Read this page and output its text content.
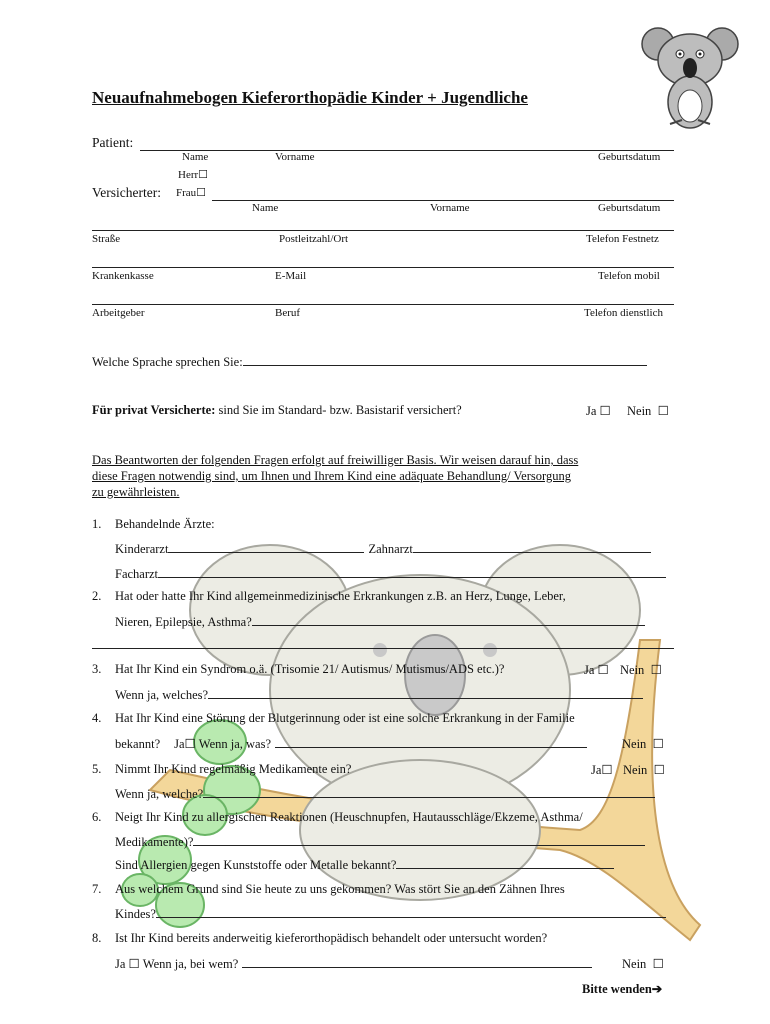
Neuaufnahmebogen Kieferorthopädie Kinder + Jugendliche
Patient:
Name	Vorname	Geburtsdatum
Herr☐
Versicherter: Frau☐
Name	Vorname	Geburtsdatum
Straße	Postleitzahl/Ort	Telefon Festnetz
Krankenkasse	E-Mail	Telefon mobil
Arbeitgeber	Beruf	Telefon dienstlich
Welche Sprache sprechen Sie:
Für privat Versicherte:
sind Sie im Standard- bzw. Basistarif versichert?	Ja ☐ Nein ☐
Das Beantworten der folgenden Fragen erfolgt auf freiwilliger Basis. Wir weisen darauf hin, dass
diese Fragen notwendig sind, um Ihnen und Ihrem Kind eine adäquate Behandlung/ Versorgung
zu gewährleisten.
1. Behandelnde Ärzte:
Kinderarzt	Zahnarzt
Facharzt
2. Hat oder hatte Ihr Kind allgemeinmedizinische Erkrankungen z.B. an Herz, Lunge, Leber,
Nieren, Epilepsie, Asthma?
3. Hat Ihr Kind ein Syndrom o.ä. (Trisomie 21/ Autismus/ Mutismus/ADS etc.)?	Ja ☐ Nein ☐
Wenn ja, welches?
4. Hat Ihr Kind eine Störung der Blutgerinnung oder ist eine solche Erkrankung in der Familie
bekannt? Ja☐ Wenn ja, was?	Nein ☐
5. Nimmt Ihr Kind regelmäßig Medikamente ein?	Ja☐ Nein ☐
Wenn ja, welche?
6. Neigt Ihr Kind zu allergischen Reaktionen (Heuschnupfen, Hautausschläge/Ekzeme, Asthma/
Medikamente)?
Sind Allergien gegen Kunststoffe oder Metalle bekannt?
7. Aus welchem Grund sind Sie heute zu uns gekommen? Was stört Sie an den Zähnen Ihres
Kindes?
8. Ist Ihr Kind bereits anderweitig kieferorthopädisch behandelt oder untersucht worden?
Ja ☐ Wenn ja, bei wem?	Nein ☐
Bitte wenden➔
